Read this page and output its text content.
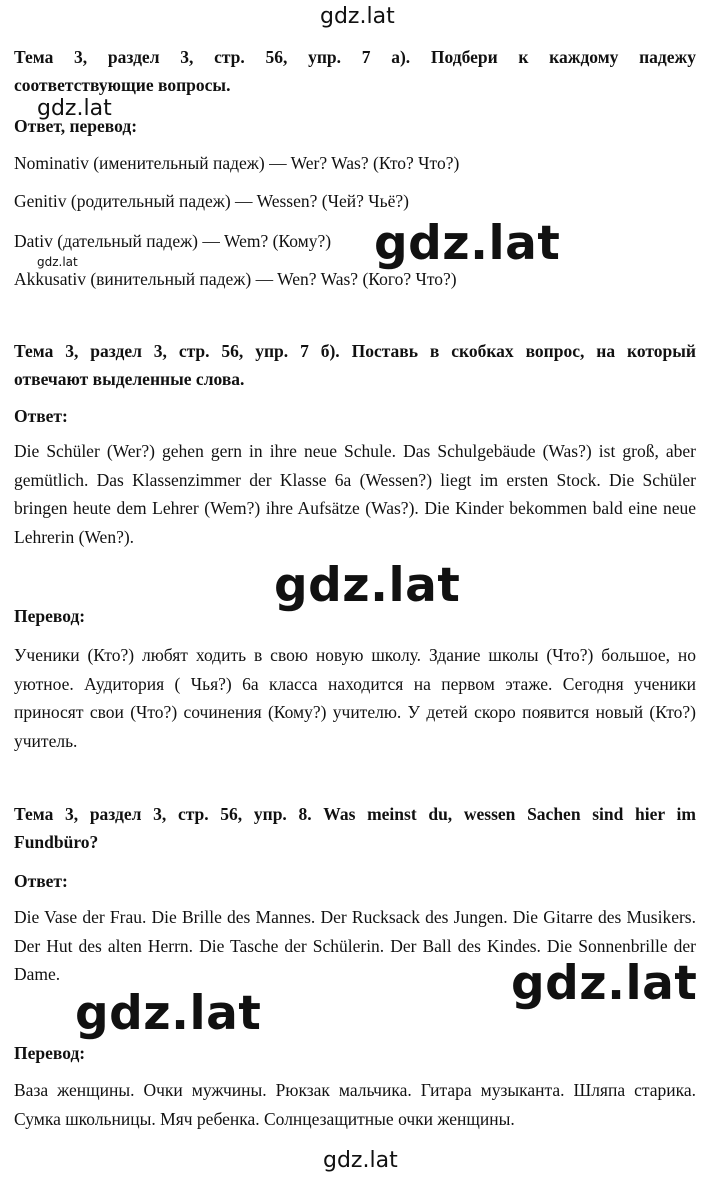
gdz.lat
Тема 3, раздел 3, стр. 56, упр. 7 а). Подбери к каждому падежу
соответствующие вопросы.
gdz.lat
Ответ, перевод:
Nominativ (именительный падеж) — Wer? Was? (Кто? Что?)
Genitiv (родительный падеж) — Wessen? (Чей? Чьё?)
Dativ (дательный падеж) — Wem? (Кому?)
Akkusativ (винительный падеж) — Wen? Was? (Кого? Что?)
gdz.lat	gdz.lat
Тема 3, раздел 3, стр. 56, упр. 7 б). Поставь в скобках вопрос, на который
отвечают выделенные слова.
Ответ:
Die Schüler (Wer?) gehen gern in ihre neue Schule. Das Schulgebäude (Was?) ist groß, aber gemütlich. Das Klassenzimmer der Klasse 6a (Wessen?) liegt im ersten Stock. Die Schüler bringen heute dem Lehrer (Wem?) ihre Aufsätze (Was?). Die Kinder bekommen bald eine neue Lehrerin (Wen?).
gdz.lat
Перевод:
Ученики (Кто?) любят ходить в свою новую школу. Здание школы (Что?) большое, но уютное. Аудитория ( Чья?) 6а класса находится на первом этаже. Сегодня ученики приносят свои (Что?) сочинения (Кому?) учителю. У детей скоро появится новый (Кто?) учитель.
Тема 3, раздел 3, стр. 56, упр. 8. Was meinst du, wessen Sachen sind hier im
Fundbüro?
Ответ:
Die Vase der Frau. Die Brille des Mannes. Der Rucksack des Jungen. Die Gitarre des Musikers. Der Hut des alten Herrn. Die Tasche der Schülerin. Der Ball des Kindes. Die Sonnenbrille der Dame.	gdz.lat
gdz.lat
Перевод:
Ваза женщины. Очки мужчины. Рюкзак мальчика. Гитара музыканта. Шляпа старика. Сумка школьницы. Мяч ребенка. Солнцезащитные очки женщины.
gdz.lat
